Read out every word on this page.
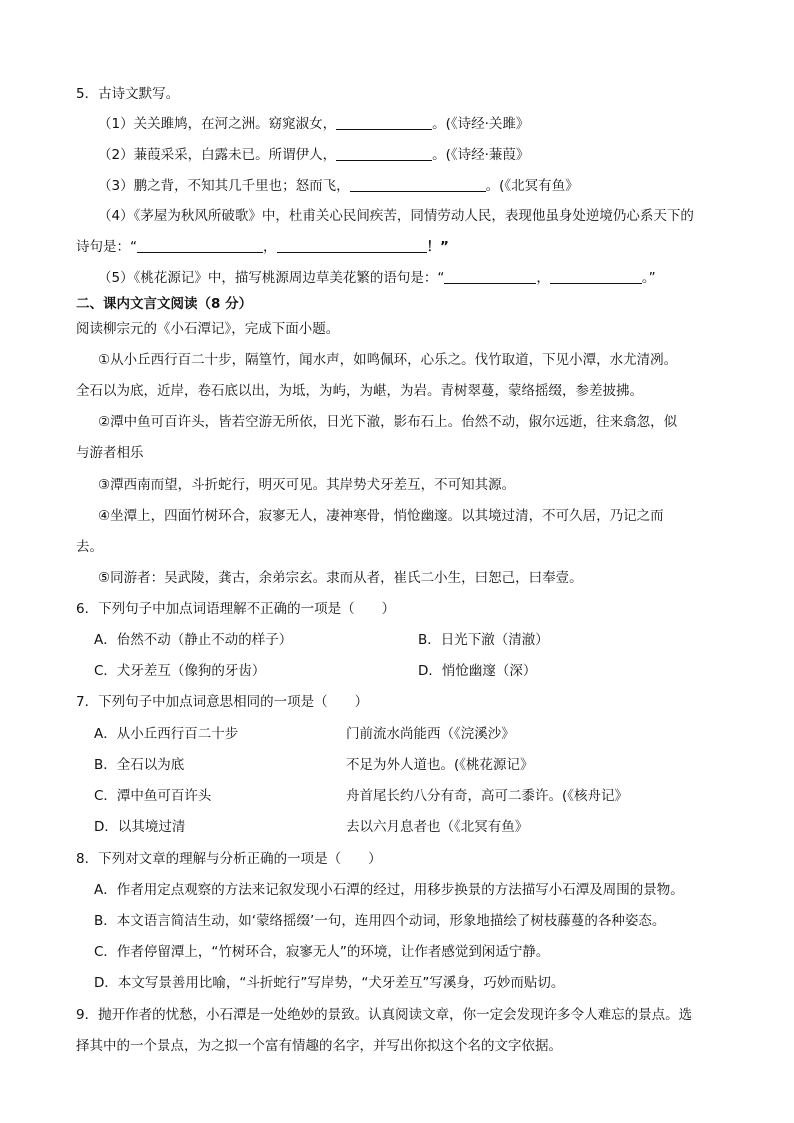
5．古诗文默写。
（1）关关雎鸠，在河之洲。窈窕淑女，	。(《诗经·关雎》
（2）蒹葭采采，白露未已。所谓伊人，	。(《诗经·蒹葭》
（3）鹏之背，不知其几千里也；怒而飞，	。(《北冥有鱼》
（4）《茅屋为秋风所破歌》中，杜甫关心民间疾苦，同情劳动人民，表现他虽身处逆境仍心系天下的
诗句是：“	，	！”
（5）《桃花源记》中，描写桃源周边草美花繁的语句是：“	，	。”
二、课内文言文阅读（8 分）
阅读柳宗元的《小石潭记》，完成下面小题。
①从小丘西行百二十步，隔篁竹，闻水声，如鸣佩环，心乐之。伐竹取道，下见小潭，水尤清冽。
全石以为底，近岸，卷石底以出，为坻，为屿，为嵁，为岩。青树翠蔓，蒙络摇缀，参差披拂。
②潭中鱼可百许头，皆若空游无所依，日光下澈，影布石上。佁然不动，俶尔远逝，往来翕忽，似
与游者相乐
③潭西南而望，斗折蛇行，明灭可见。其岸势犬牙差互，不可知其源。
④坐潭上，四面竹树环合，寂寥无人，凄神寒骨，悄怆幽邃。以其境过清，不可久居，乃记之而
去。
⑤同游者：吴武陵，龚古，余弟宗玄。隶而从者，崔氏二小生，曰恕己，曰奉壹。
6．下列句子中加点词语理解不正确的一项是（　　）
A．佁然不动（静止不动的样子）	B．日光下澈（清澈）
C．犬牙差互（像狗的牙齿）	D．悄怆幽邃（深）
7．下列句子中加点词意思相同的一项是（　　）
A．从小丘西行百二十步	门前流水尚能西（《浣溪沙》
B．全石以为底	不足为外人道也。(《桃花源记》
C．潭中鱼可百许头	舟首尾长约八分有奇，高可二黍许。(《核舟记》
D．以其境过清	去以六月息者也（《北冥有鱼》
8．下列对文章的理解与分析正确的一项是（　　）
A．作者用定点观察的方法来记叙发现小石潭的经过，用移步换景的方法描写小石潭及周围的景物。
B．本文语言简洁生动，如‘蒙络摇缀’一句，连用四个动词，形象地描绘了树枝藤蔓的各种姿态。
C．作者停留潭上，“竹树环合，寂寥无人”的环境，让作者感觉到闲适宁静。
D．本文写景善用比喻，“斗折蛇行”写岸势，“犬牙差互”写溪身，巧妙而贴切。
9．抛开作者的忧愁，小石潭是一处绝妙的景致。认真阅读文章，你一定会发现许多令人难忘的景点。选
择其中的一个景点，为之拟一个富有情趣的名字，并写出你拟这个名的文字依据。
